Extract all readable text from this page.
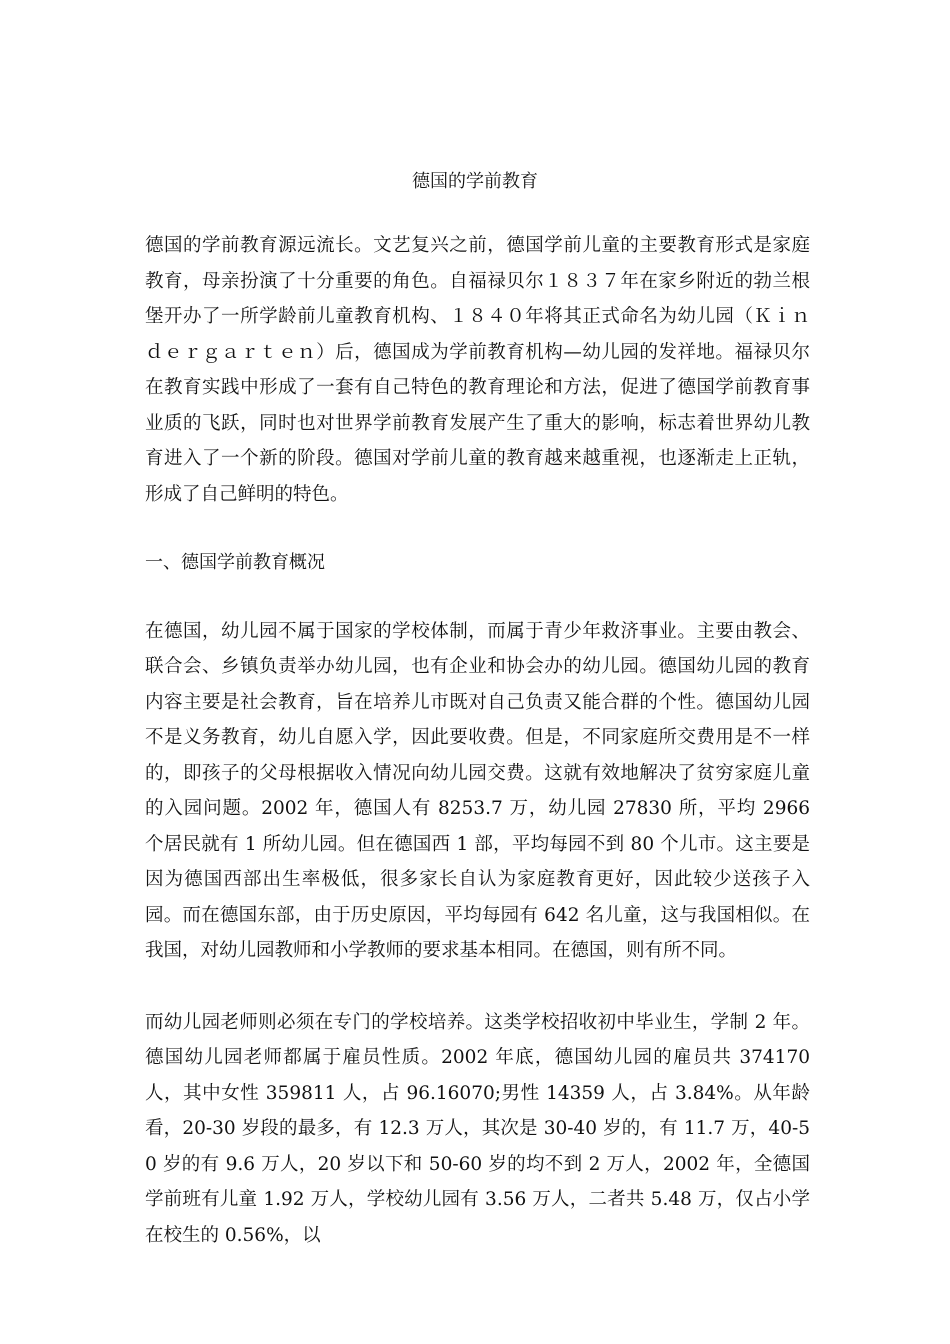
德国的学前教育

德国的学前教育源远流长。文艺复兴之前，德国学前儿童的主要教育形式是家庭教育，母亲扮演了十分重要的角色。自福禄贝尔１８３７年在家乡附近的勃兰根堡开办了一所学龄前儿童教育机构、１８４０年将其正式命名为幼儿园（Ｋｉｎｄｅｒｇａｒｔｅｎ）后，德国成为学前教育机构—幼儿园的发祥地。福禄贝尔在教育实践中形成了一套有自己特色的教育理论和方法，促进了德国学前教育事业质的飞跃，同时也对世界学前教育发展产生了重大的影响，标志着世界幼儿教育进入了一个新的阶段。德国对学前儿童的教育越来越重视，也逐渐走上正轨，形成了自己鲜明的特色。

一、德国学前教育概况

在德国，幼儿园不属于国家的学校体制，而属于青少年救济事业。主要由教会、联合会、乡镇负责举办幼儿园，也有企业和协会办的幼儿园。德国幼儿园的教育内容主要是社会教育，旨在培养儿市既对自己负责又能合群的个性。德国幼儿园不是义务教育，幼儿自愿入学，因此要收费。但是，不同家庭所交费用是不一样的，即孩子的父母根据收入情况向幼儿园交费。这就有效地解决了贫穷家庭儿童的入园问题。2002 年，德国人有 8253.7 万，幼儿园 27830 所，平均 2966 个居民就有 1 所幼儿园。但在德国西 1 部，平均每园不到 80 个儿市。这主要是因为德国西部出生率极低，很多家长自认为家庭教育更好，因此较少送孩子入园。而在德国东部，由于历史原因，平均每园有 642 名儿童，这与我国相似。在我国，对幼儿园教师和小学教师的要求基本相同。在德国，则有所不同。

而幼儿园老师则必须在专门的学校培养。这类学校招收初中毕业生，学制 2 年。德国幼儿园老师都属于雇员性质。2002 年底，德国幼儿园的雇员共 374170 人，其中女性 359811 人，占 96.16070;男性 14359 人，占 3.84%。从年龄看，20-30 岁段的最多，有 12.3 万人，其次是 30-40 岁的，有 11.7 万，40-50 岁的有 9.6 万人，20 岁以下和 50-60 岁的均不到 2 万人，2002 年，全德国学前班有儿童 1.92 万人，学校幼儿园有 3.56 万人，二者共 5.48 万，仅占小学在校生的 0.56%，以
